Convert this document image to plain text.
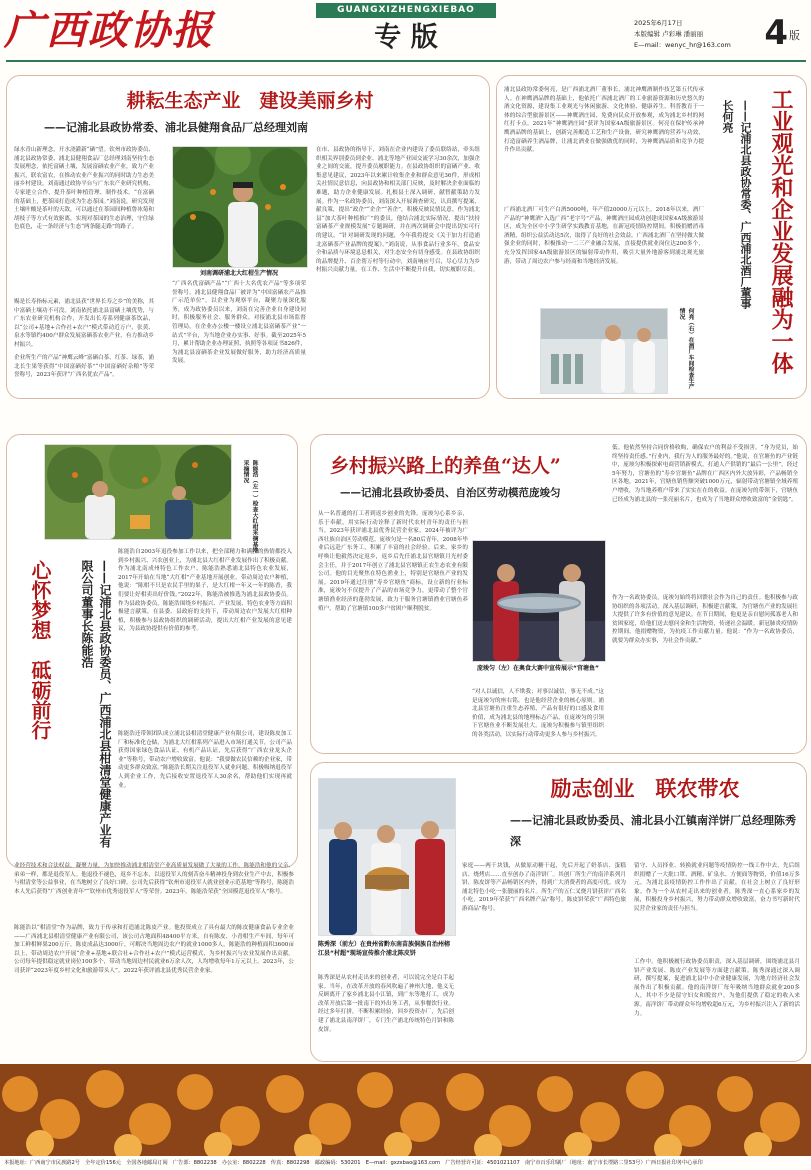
广西政协报	GUANGXIZHENGXIEBAO
专 版	2025年6月17日
本版编辑 卢彩琳 潘丽丽
E—mail：wenyc_hr@163.com 4 版
耕耘生态产业　建设美丽乡村
——记浦北县政协常委、浦北县健翔食品厂总经理刘南

绿水青山新理念，开水浇灌新“硒”望。钦州市政协委员、浦北县政协常委、浦北县健翔食品厂总经理刘南坚持生态发展理念，依托富硒土壤，发展富硒农业产业，致力产业振兴，联农富农，在推动农业产业振兴的同时助力生态美丽乡村建设。刘南通过政协平台与广东农产业研究机构、专家建立合作，提升茶叶种植管理、制作技术。“在富硒的基础上，把茶园打造成为生态茶园。”刘南说，研究发现土壤叶酸是茶叶的天敌，可以通过在茶园间种植鲁冰菊和胡枝子等方式有效驱离，实现对茶园的生态治理，守住绿色底色，走一条经济与生态“两条腿走路”的路子。

赐是长寿指标元素，浦北县获“世界长寿之乡”的美称，其中富硒土壤功不可没。刘南依托浦北县富硒土壤优势，与广东农业研究机构合作，开发出长寿系列健康茶饮品，以“公司+基地+合作社+农户”模式带动近万户，张黄、泉水等镇约400户群众发展富硒茶农业产业，有力推动乡村振兴。

企业所生产的产品“神鹰云峰”富硒白茶、红茶、绿茶，浦北长生果等获得“中国富硒好茶”“中国富硒好杂粮”等荣誉称号，2023年获评“广西名优农产品”。

刘南调研浦北大红柑生产情况

“广西名优富硒产品”“广西十大名优农产品”等多项荣誉称号。浦北县健翔食品厂被评为“中国富硒农产品推广示范单位”。以企业为观察平台，凝聚力量深化服务，成为政协委员以来，刘南在完善企业自身建设同时，积极服务社会、服务群众。对接浦北县市场监督管理局，在企业办公楼一楼设立浦北县富硒茶产业“一站式”平台，为当地企业办实事、好事。截至2025年5月，累计帮助企业办理证照、执照等各项证书826件，为浦北县富硒茶企业发展做好服务，助力经济高质量发展。

在市、县政协的指导下，刘南在企业内建设了委员联络站，牵头组织相关界别委员到企业、浦北等地产业园交流学习30余次，加强企业之间的交流，提升委员履职能力。在县政协组织的富硒产业、收集意见建议，2023年以来累计收集企业和群众意见36件，形成相关社情民意信息，向县政协和相关部门反映，及时解决企业面临的难题，助力企业健康发展。扎根县土深入调研，献智献策助力发展。作为一名政协委员，刘南深入开展调查研究，认真撰写提案，献良策，提出“政企”“企企”“善企”，积极反映民情民意。作为浦北县“加大茶叶种植推广”的委员，他结合浦北实际情况，提出“扶持富硒茶产业规模发展”专题调研，并在两次调研会中提出切实可行的建议。“针对调研发现的问题，今年我将提交《关于加力打造浦北富硒茶产业品牌的提案》。”刘南说，从事食品行业多年，食品安全和品质与环境息息相关，对生态安全有切身感受。在县政协组织的品牌提升、百企帮万村等行动中，刘南响应号召，尽心尽力为乡村振兴贡献力量，在工作、生活中不断提升自我，切实履职尽责。

浦北县政协常委何亮，是广西浦北酒厂董事长，浦北神鹰酒制作技艺第五代传承人。在神鹰酒品牌的基础上，他依托广西浦北酒厂的工业旅游资源和历史悠久的酒文化资源，建设集工业观光与休闲旅游、文化体验、健康养生、科普教育于一体的综合型旅游景区——神鹰酒庄园，免费向民众开放参观，成为浦北乡村的网红打卡点。2021年“神鹰酒庄园”获评为国家4A级旅游景区。何亮在保护传承神鹰酒品牌的基础上，创新完善酿造工艺和生产设备，研究神鹰酒的营养与功效，打造富硒养生酒品牌，让浦北酒业在做强做优的同时，为神鹰酒品质和竞争力提升作出贡献。

广西浦北酒厂可生产白酒5000吨，年产值20000万元以上。2018年以来，酒厂产品的“神鹰酒”入选广西“老字号”产品，神鹰酒庄园成功创建成国家4A级旅游景区，成为全区中小学生研学实践教育基地，在新冠疫情防控期间，积极捐赠消毒酒精，组织公益活动达5次，取得了良好的社会效益。广西浦北酒厂在坚持做大做强企业的同时，积极推动一二三产业融合发展，直接提供就业岗位达200多个，充分发挥国家4A级旅游景区的辐射带动作用，吸引大量外地游客到浦北观光旅游，带动了周边农户参与经商和当地经济发展。

何亮（右）在酒厂车间检查生产情况	工业观光和企业发展融为一体
——记浦北县政协常委、广西浦北酒厂董事长何亮
陈能浩（左一）检查大红柑采摘基地采摘情况
心怀梦想　砥砺前行	——记浦北县政协委员、广西浦北县柑清堂健康产业有限公司董事长陈能浩

陈能浩自2003年退役参加工作以来，把全部精力和满腔的热情都投入到乡村振兴、兴农创业上，为浦北县大红柑产业发展作出了积极贡献。作为浦北南成州特色工作农户，陈能浩熟悉浦北县特色农业发展，2017年开始在当地“大红柑”产业基地开展创业，带动周边农户种植，他说：“陈柑不只是农民手里的果子，是大红柑一年又一年的陈香，我们要让好柑卖出好价钱。”2022年，陈能浩被推选为浦北县政协委员。作为县政协委员，陈能浩围绕乡村振兴、产业发展、特色农业等方面积极建言献策，在县委、县政府的支持下，带动周边农户发展大红柑种植，积极参与县政协组织的调研活动，提出大红柑产业发展的意见建议，为县政协提供有价值的参考。

陈能浩还带领团队成立浦北县柑清堂健康产业有限公司，建设陈皮加工厂和标准化仓储，为浦北大红柑系列产品进入市场打通关节，公司产品获得国家绿色食品认证、有机产品认证，先后获得“广西农业龙头企业”等称号，带动农户增收致富。他说：“我要做农民信赖的企业家，带动更多群众致富。”陈能浩长期关注退役军人就业问题，积极吸纳退役军人到企业工作，先后接收安置退役军人30余名，帮助他们实现再就业。

业经营技术和合法权益，凝聚力量，为加快推动浦北柑清堂产业高质量发展做了大量的工作。陈能浩和他的父亲、弟弟一样，都是退役军人。他退役不褪色，返乡不忘本，以退役军人的刻苦奋斗精神投身到农业生产中去，积极参与柑清堂等公益事业，在当地树立了良好口碑。公司先后获得“钦州市退役军人就业创业示范基地”等称号，陈能浩本人先后获得“广西创业青年”“钦州市优秀退役军人”等荣誉。2023年，陈能浩荣获“全国模范退役军人”称号。

陈能浩以“柑清堂”作为品牌，致力于传承和打造浦北陈皮产业。他投资成立了具有最大的陈皮健康食品专业企业——广西浦北县柑清堂健康产业有限公司，该公司占地面积48400平方米，自有陈皮、小青柑生产车间，每年可加工鲜柑鲜果200万斤，陈皮成品达3000斤，可解决当地周边农户的就业1000多人，陈能浩的种植面积3600亩以上，带动周边农户开展“企业+基地+联合社+合作社+农户”模式运营模式，为乡村振兴与农业发展作出贡献。公司每年提供稳定就业岗位100多个，带动当地周边村民就业6万余人次，人均增收每年1万元以上。2023年，公司获评“2023年度乡村文化和旅游带头人”。2022年获评浦北县优秀民营企业家。

乡村振兴路上的养鱼“达人”
——记浦北县政协委员、自治区劳动模范庞竣匀

从一名普通的打工者到返乡创业的先锋，庞竣匀心系乡亲，乐于奉献，用实际行动诠释了新时代农村青年的责任与担当。2023年获评浦北县优秀民营企业家，2024年被评为广西壮族自治区劳动模范。庞竣匀是一名80后青年，2008年毕业后远赴广东务工，积累了丰富的社会经验。后来，家乡的呼唤让他毅然决定返乡，返乡后先任浦北县官塘镇月光村委会主任，并于2017年创立了浦北县官塘镇正农生态农业有限公司。他的目光聚焦在特色渔业上，特别是官塘鱼产业的发展。2019年通过注册“寿乡官塘鱼”商标，设立新的行业标准，庞竣匀不仅提升了产品的市场竞争力，更带动了整个官塘镇渔业经济的蓬勃发展，致力于服务官塘镇渔业官塘鱼养殖户，帮助了官塘镇100多户贫困户顺利脱贫。

庞竣匀（左）在奥食大赛中宣传展示“官塘鱼”

“对人以诚信，人不欺我；对事以诚信，事无不成。”这是庞竣匀的座右铭，也是他经营企业的核心原则。浦北县官塘鱼注重生态养殖，产品有很好的口感及食用价值，成为浦北县的地理标志产品，在庞竣匀的引领下官塘鱼业不断发展壮大。庞竣匀积极参与镇里组织的各类活动，以实际行动带动更多人参与乡村振兴。

低。他依然坚持合同价格收购，确保农户的利益不受损害。“身为党员，始终坚持责任感。”行业内，我行为人的服务最好的。”他说，在官塘鱼的产业链中，庞竣匀积极探索电商营销新模式，打通人产供销的“最后一公里”，经过5年努力，官塘鱼的“寿乡官塘鱼”品牌在广西区内外大放异彩，产品畅销全区各地。2021年，官塘鱼销售额突破1000万元，辐射带动官塘镇全域养殖户增收，为当地养殖户带来了实实在在的收益。在庞竣匀的带领下，官塘鱼已经成为浦北县的一张亮丽名片，也成为了当地群众增收致富的“金钥匙”。

作为一名政协委员，庞竣匀始终将回馈社会作为自己的责任。他积极参与政协组织的各项活动，深入基层调研，积极建言献策，为官塘鱼产业的发展壮大提供了许多有价值的意见建议。在节日期间，他更是亲自慰问孤寡老人和贫困家庭，给他们送去慰问金和生活物资，传递社会温暖。新冠肺炎疫情防控期间，他捐赠物资，为抗疫工作贡献力量。他说：“作为一名政协委员，就要为群众办实事，为社会作贡献。”

陈秀深（前左）在贵州省黔东南苗族侗族自治州榕江县“村超”现场宣传推介浦北陈皮饼

陈秀深是从农村走出来的创业者，可以说完全是白手起家。当年，在改革开放的春风吹遍了神州大地，他义无反顾离开了家乡浦北县小江镇，到广东等地打工，成为改革开放后第一批南下的外出务工者，从事餐饮行业。经过多年打拼，不断积累经验，回乡投资办厂，先后创建了浦北县南洋饼厂，专门生产浦北传统特色月饼和陈皮饼。

励志创业　联农带农
——记浦北县政协委员、浦北县小江镇南洋饼厂总经理陈秀深

家庭——两千块钱，从做原动糖干起，先后开起了奶茶店、蛋糕店、烧烤店……直至创办了南洋饼厂。其创厂所生产的南洋系列月饼、陈皮饼等产品畅销区内外，得到广大消费者的高度可优。成为浦北特色小吃一张靓丽的名片。所生产的五仁叉烧月饼获评广西名小吃，2019年荣获“广西名牌产品”称号，陈皮饼荣获“广西特色旅游商品”称号。

留守、人员择业、转换就业问题等疫情防控一线工作中去，先后组织捐赠了一大批口罩、酒精、矿泉水、方便面等物资，价值16万多元，为浦北县疫情防控工作作出了贡献，在社会上树立了良好形象。作为一个从农村走出来的创业者，陈秀深一直心系家乡的发展，积极投身乡村振兴，努力带动群众增收致富，奋力书写新时代民营企业家的责任与担当。

工作中，他积极履行政协委员职责，深入基层调研，围绕浦北县月饼产业发展、陈皮产业发展等方面建言献策。陈秀深通过深入调研，撰写提案，促进浦北县中小企业健康发展，为地方经济社会发展作出了积极贡献。他的南洋饼厂每年吸纳当地群众就业200多人，其中不少是留守妇女和脱贫户，为他们提供了稳定的收入来源。南洋饼厂带动群众年均增收超6万元，为乡村振兴注入了新的活力。

本报地址：广西南宁市民族路2号　全年定价156元　全国各地邮局订阅　广告部：8802238　办公室：8802228　传真：8802298　邮政编码：530201　E—mail：gxzxbao@163.com　广告经营许可证：4501021107　南宁市百乐印刷厂（地址：南宁市长堽路二里53号）广西日报社印务中心承印
